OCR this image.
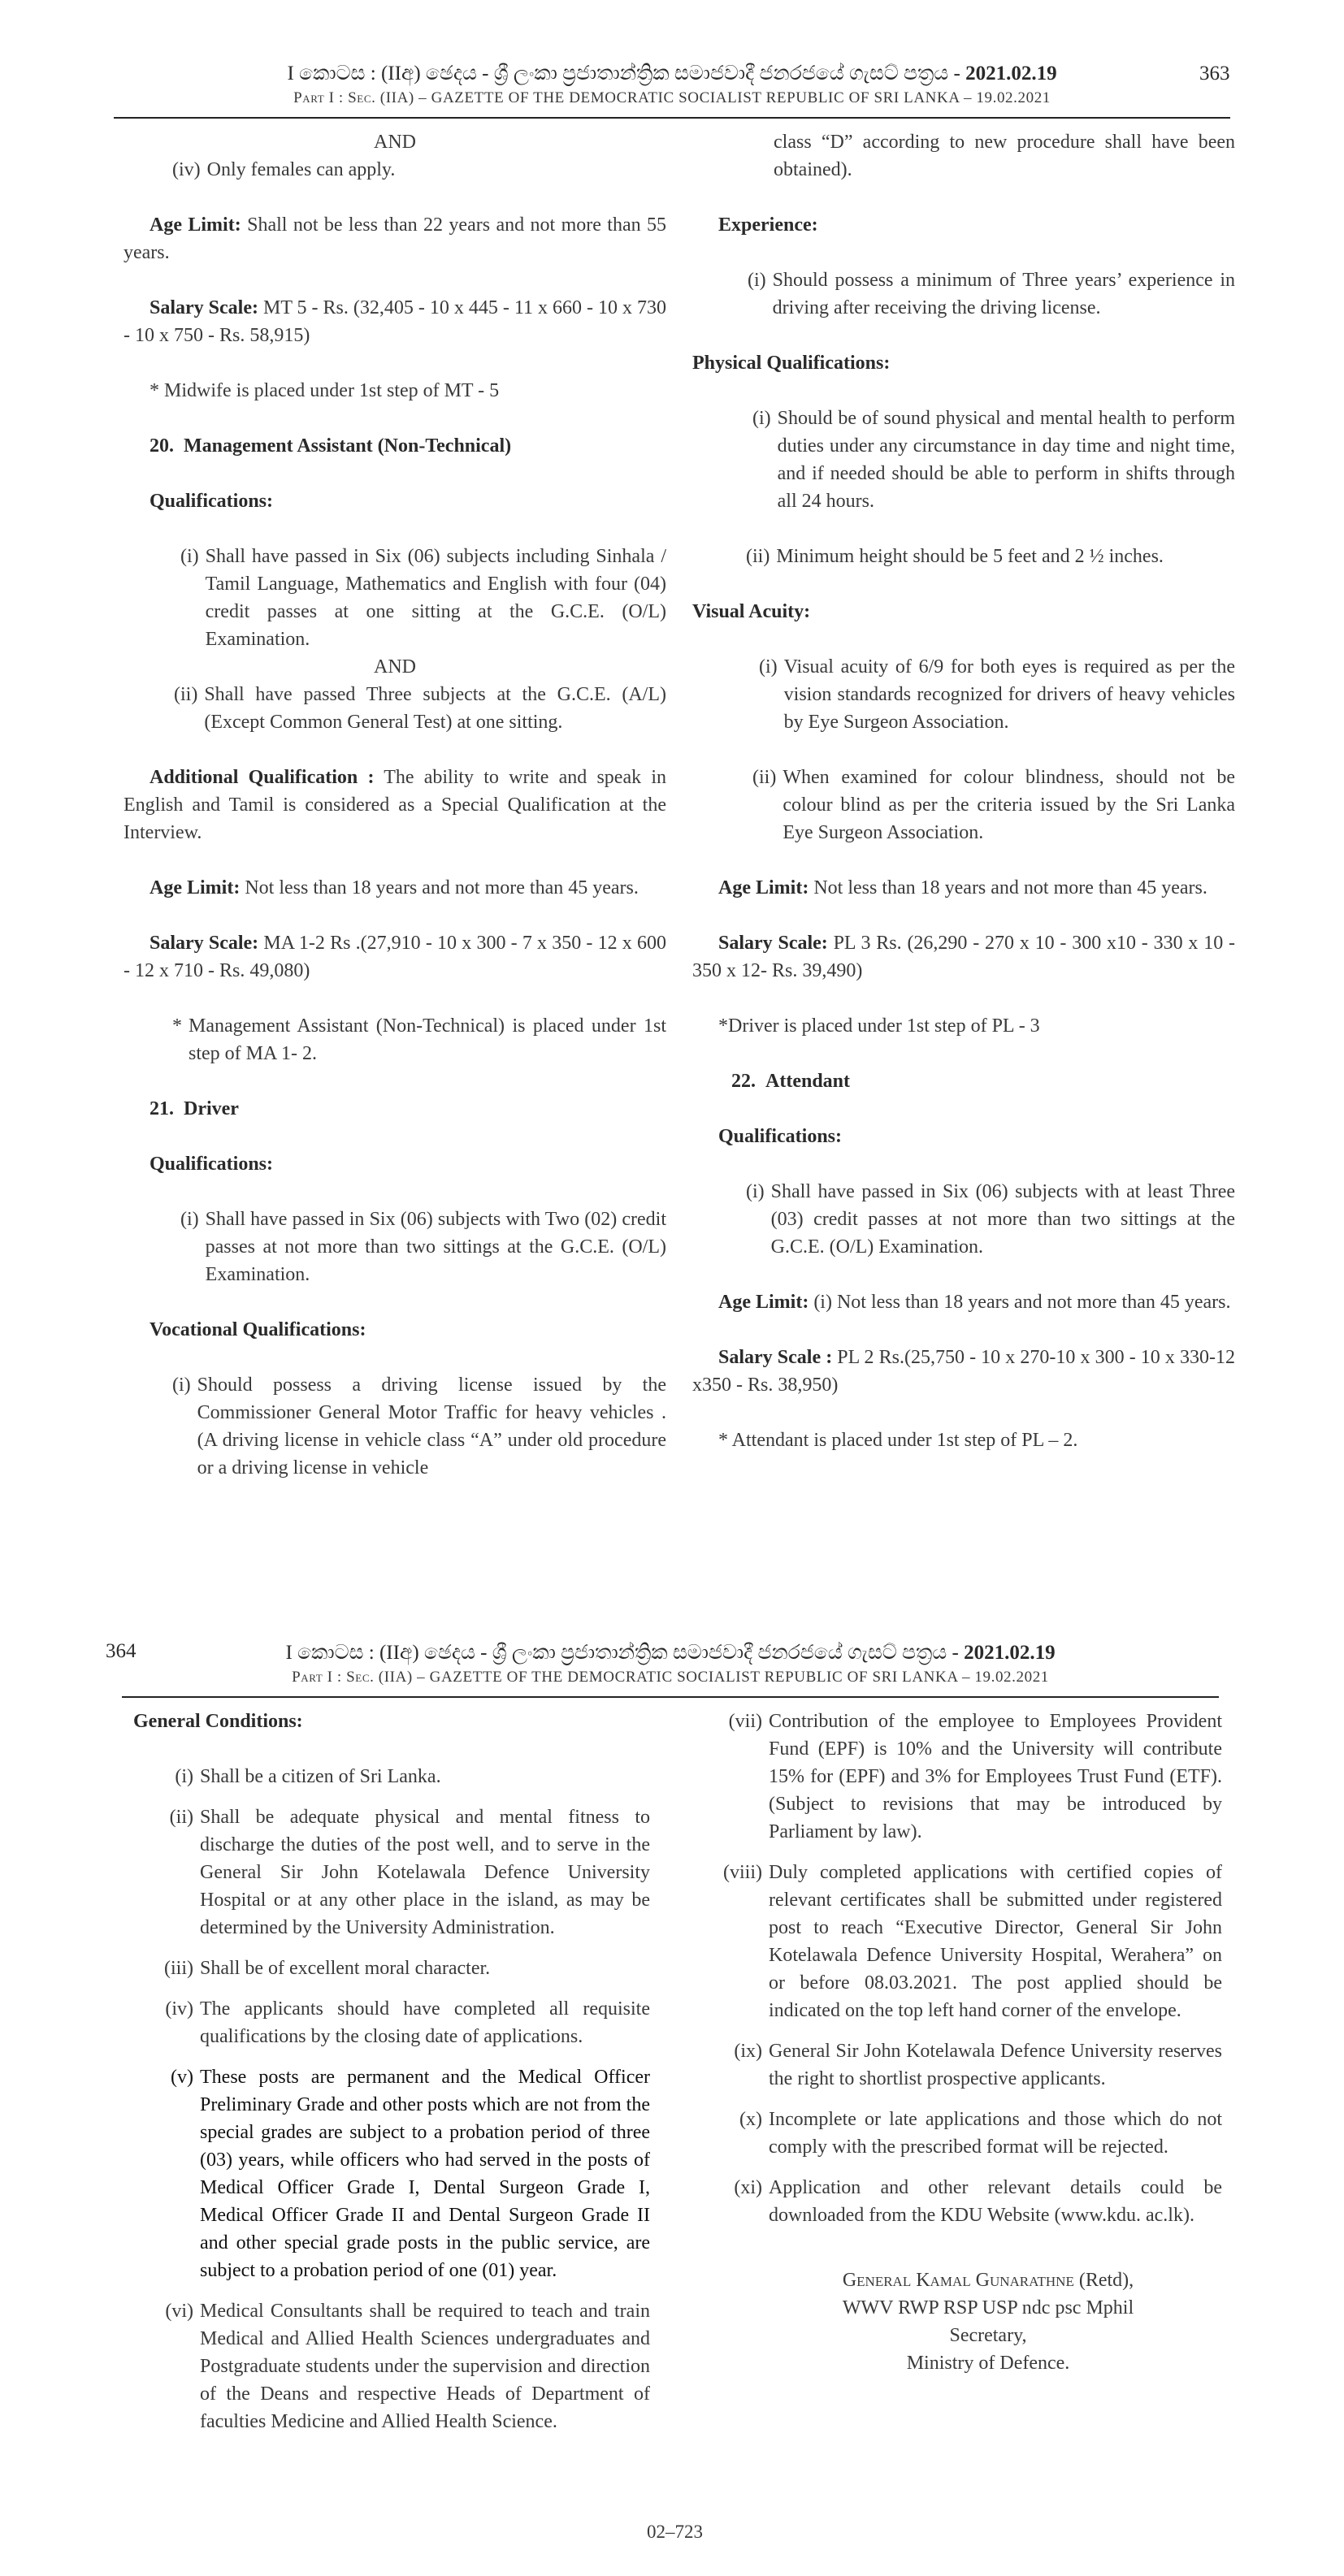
I කොටස : (IIඅ) ඡෙදය - ශ්‍රී ලංකා ප්‍රජාතාන්ත්‍රික සමාජවාදී ජනරජයේ ගැසට් පත්‍රය - 2021.02.19
Part I : Sec. (IIA) – GAZETTE OF THE DEMOCRATIC SOCIALIST REPUBLIC OF SRI LANKA – 19.02.2021
363

AND

(iv) Only females can apply.

Age Limit: Shall not be less than 22 years and not more than 55 years.

Salary Scale: MT 5 - Rs. (32,405 - 10 x 445 - 11 x 660 - 10 x 730 - 10 x 750 - Rs. 58,915)

* Midwife is placed under 1st step of MT - 5

20. Management Assistant (Non-Technical)

Qualifications:

(i) Shall have passed in Six (06) subjects including Sinhala / Tamil Language, Mathematics and English with four (04) credit passes at one sitting at the G.C.E. (O/L) Examination.

AND

(ii) Shall have passed Three subjects at the G.C.E. (A/L) (Except Common General Test) at one sitting.

Additional Qualification : The ability to write and speak in English and Tamil is considered as a Special Qualification at the Interview.

Age Limit: Not less than 18 years and not more than 45 years.

Salary Scale: MA 1-2 Rs .(27,910 - 10 x 300 - 7 x 350 - 12 x 600 - 12 x 710 - Rs. 49,080)

* Management Assistant (Non-Technical) is placed under 1st step of MA 1- 2.

21. Driver

Qualifications:

(i) Shall have passed in Six (06) subjects with Two (02) credit passes at not more than two sittings at the G.C.E. (O/L) Examination.

Vocational Qualifications:

(i) Should possess a driving license issued by the Commissioner General Motor Traffic for heavy vehicles .(A driving license in vehicle class “A” under old procedure or a driving license in vehicle

class “D” according to new procedure shall have been obtained).

Experience:

(i) Should possess a minimum of Three years’ experience in driving after receiving the driving license.

Physical Qualifications:

(i) Should be of sound physical and mental health to perform duties under any circumstance in day time and night time, and if needed should be able to perform in shifts through all 24 hours.
(ii) Minimum height should be 5 feet and 2 ½ inches.

Visual Acuity:

(i) Visual acuity of 6/9 for both eyes is required as per the vision standards recognized for drivers of heavy vehicles by Eye Surgeon Association.
(ii) When examined for colour blindness, should not be colour blind as per the criteria issued by the Sri Lanka Eye Surgeon Association.

Age Limit: Not less than 18 years and not more than 45 years.

Salary Scale: PL 3 Rs. (26,290 - 270 x 10 - 300 x10 - 330 x 10 - 350 x 12- Rs. 39,490)

*Driver is placed under 1st step of PL - 3

22. Attendant

Qualifications:

(i) Shall have passed in Six (06) subjects with at least Three (03) credit passes at not more than two sittings at the G.C.E. (O/L) Examination.

Age Limit: (i) Not less than 18 years and not more than 45 years.

Salary Scale : PL 2 Rs.(25,750 - 10 x 270-10 x 300 - 10 x 330-12 x350 - Rs. 38,950)

* Attendant is placed under 1st step of PL – 2.

364	I කොටස : (IIඅ) ඡෙදය - ශ්‍රී ලංකා ප්‍රජාතාන්ත්‍රික සමාජවාදී ජනරජයේ ගැසට් පත්‍රය - 2021.02.19
Part I : Sec. (IIA) – GAZETTE OF THE DEMOCRATIC SOCIALIST REPUBLIC OF SRI LANKA – 19.02.2021

General Conditions:

(i) Shall be a citizen of Sri Lanka.
(ii) Shall be adequate physical and mental fitness to discharge the duties of the post well, and to serve in the General Sir John Kotelawala Defence University Hospital or at any other place in the island, as may be determined by the University Administration.
(iii) Shall be of excellent moral character.
(iv) The applicants should have completed all requisite qualifications by the closing date of applications.
(v) These posts are permanent and the Medical Officer Preliminary Grade and other posts which are not from the special grades are subject to a probation period of three (03) years, while officers who had served in the posts of Medical Officer Grade I, Dental Surgeon Grade I, Medical Officer Grade II and Dental Surgeon Grade II and other special grade posts in the public service, are subject to a probation period of one (01) year.
(vi) Medical Consultants shall be required to teach and train Medical and Allied Health Sciences undergraduates and Postgraduate students under the supervision and direction of the Deans and respective Heads of Department of faculties Medicine and Allied Health Science.
(vii) Contribution of the employee to Employees Provident Fund (EPF) is 10% and the University will contribute 15% for (EPF) and 3% for Employees Trust Fund (ETF).(Subject to revisions that may be introduced by Parliament by law).
(viii) Duly completed applications with certified copies of relevant certificates shall be submitted under registered post to reach “Executive Director, General Sir John Kotelawala Defence University Hospital, Werahera” on or before 08.03.2021. The post applied should be indicated on the top left hand corner of the envelope.
(ix) General Sir John Kotelawala Defence University reserves the right to shortlist prospective applicants.
(x) Incomplete or late applications and those which do not comply with the prescribed format will be rejected.
(xi) Application and other relevant details could be downloaded from the KDU Website (www.kdu. ac.lk).
General Kamal Gunarathne (Retd),
WWV RWP RSP USP ndc psc Mphil
Secretary,
Ministry of Defence.
02–723
